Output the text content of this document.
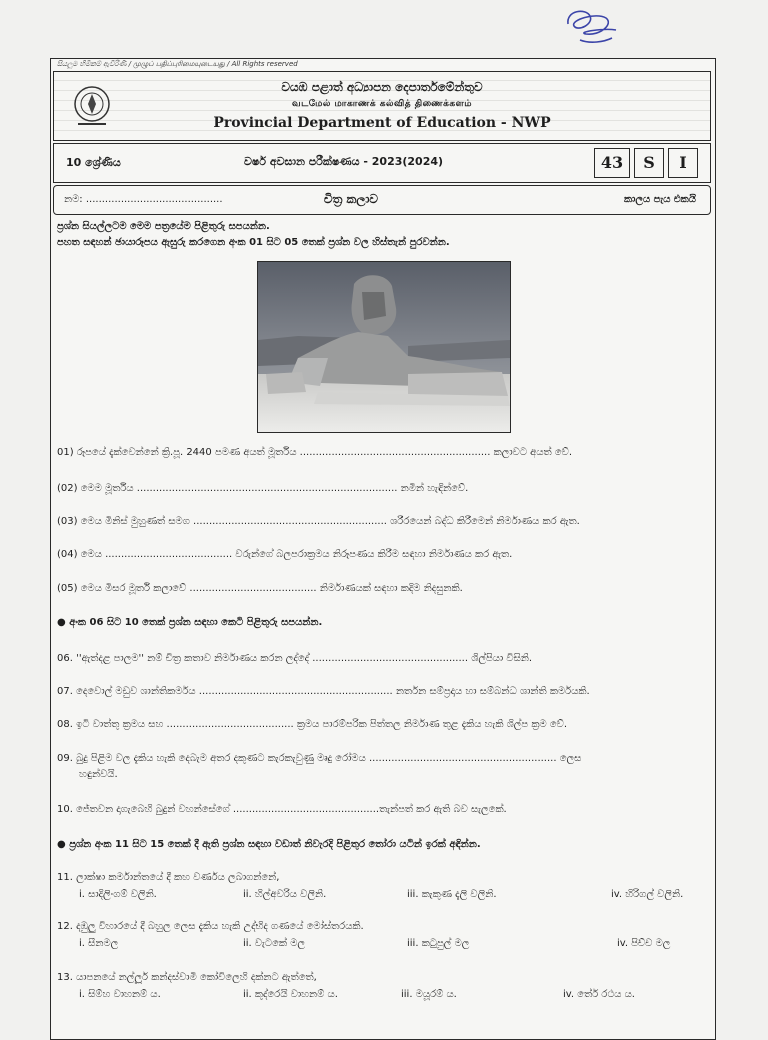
සියලුම හිමිකම් ඇවිරිණි / முழுப் பதிப்புரிமையுடையது / All Rights reserved
වයඹ පළාත් අධ්‍යාපන දෙපාර්තමේන්තුව
வடமேல் மாகாணக் கல்வித் திணைக்களம்
Provincial Department of Education - NWP
10 ශ්‍රේණිය	වර්ෂ අවසාන පරීක්ෂණය - 2023(2024)	43	S	I
නම: ...........................................	චිත්‍ර කලාව	කාලය පැය එකයි
ප්‍රශ්න සියල්ලටම මෙම පත්‍රයේම පිළිතුරු සපයන්න.
පහත සඳහන් ඡායාරූපය ඇසුරු කරගෙන අංක 01 සිට 05 තෙක් ප්‍රශ්න වල හිස්තැන් පුරවන්න.
01) රූපයේ දැක්වෙන්නේ ක්‍රි.පූ. 2440 පමණ අයත් මූර්තිය ............................................................ කලාවට අයත් වේ.
(02) මෙම මූර්තිය .................................................................................. නමින් හැඳින්වේ.
(03) මෙය මිනිස් මුහුණත් සමග ............................................................. ශරීරයෙන් බද්ධ කිරීමෙන් නිර්මාණය කර ඇත.
(04) මෙය ........................................ වරුන්ගේ බලපරාක්‍රමය නිරූපණය කිරීම සඳහා නිර්මාණය කර ඇත.
(05) මෙය මිසර මූර්ති කලාවේ ........................................ නිර්මාණයක් සඳහා කදිම නිදසුනකි.
● අංක 06 සිට 10 තෙක් ප්‍රශ්න සඳහා කෙටි පිළිතුරු සපයන්න.
06. ''ඇත්දළ පාලම'' නම් චිත්‍ර කතාව නිර්මාණය කරන ලද්දේ ................................................. ශිල්පියා විසිනි.
07. දෙවොල් මඩුව ශාන්තිකර්මය ............................................................. නර්තන සම්ප්‍රදාය හා සම්බන්ධ ශාන්ති කර්මයකි.
08. ඉටි වාත්තු ක්‍රමය සහ ........................................ ක්‍රමය පාරම්පරික පිත්තල නිර්මාණ තුළ දැකිය හැකි ශිල්ප ක්‍රම වේ.
09. බුදු පිළිම වල දැකිය හැකි දෙබැම අතර දකුණට කැරකැවුණු මෘදු රෝමය ........................................................... ලෙස
හඳුන්වයි.
10. ජේතවන දාගැබෙහි බුදුන් වහන්සේගේ ..............................................තැන්පත් කර ඇති බව සැලකේ.
● ප්‍රශ්න අංක 11 සිට 15 තෙක් දී ඇති ප්‍රශ්න සඳහා වඩාත් නිවැරදි පිළිතුර තෝරා යටින් ඉරක් අඳින්න.
11. ලාක්ෂා කර්මාන්තයේ දී කහ වර්ණය ලබාගන්නේ,
i. සාදිලිංගම් වලිනි.	ii. හිල්අවරිය වලිනි.	iii. කැකුණ දැලි වලිනි.	iv. හිරිගල් වලිනි.
12. දඹුලු විහාරයේ දී බහුල ලෙස දැකිය හැකි උද්භිද ගණයේ මෝස්තරයකි.
i. සීනමල	ii. වැටකේ මල	iii. කටුපුල් මල	iv. පිච්ච මල
13. යාපනයේ නල්ලූර් කන්දස්වාමි කෝවිලෙහි දක්නට ඇත්තේ,
i. සිම්හ වාහනම් ය.	ii. කුද්රෙයි වාහනම් ය.	iii. මයූරම් ය.	iv. තේර් රථය ය.
